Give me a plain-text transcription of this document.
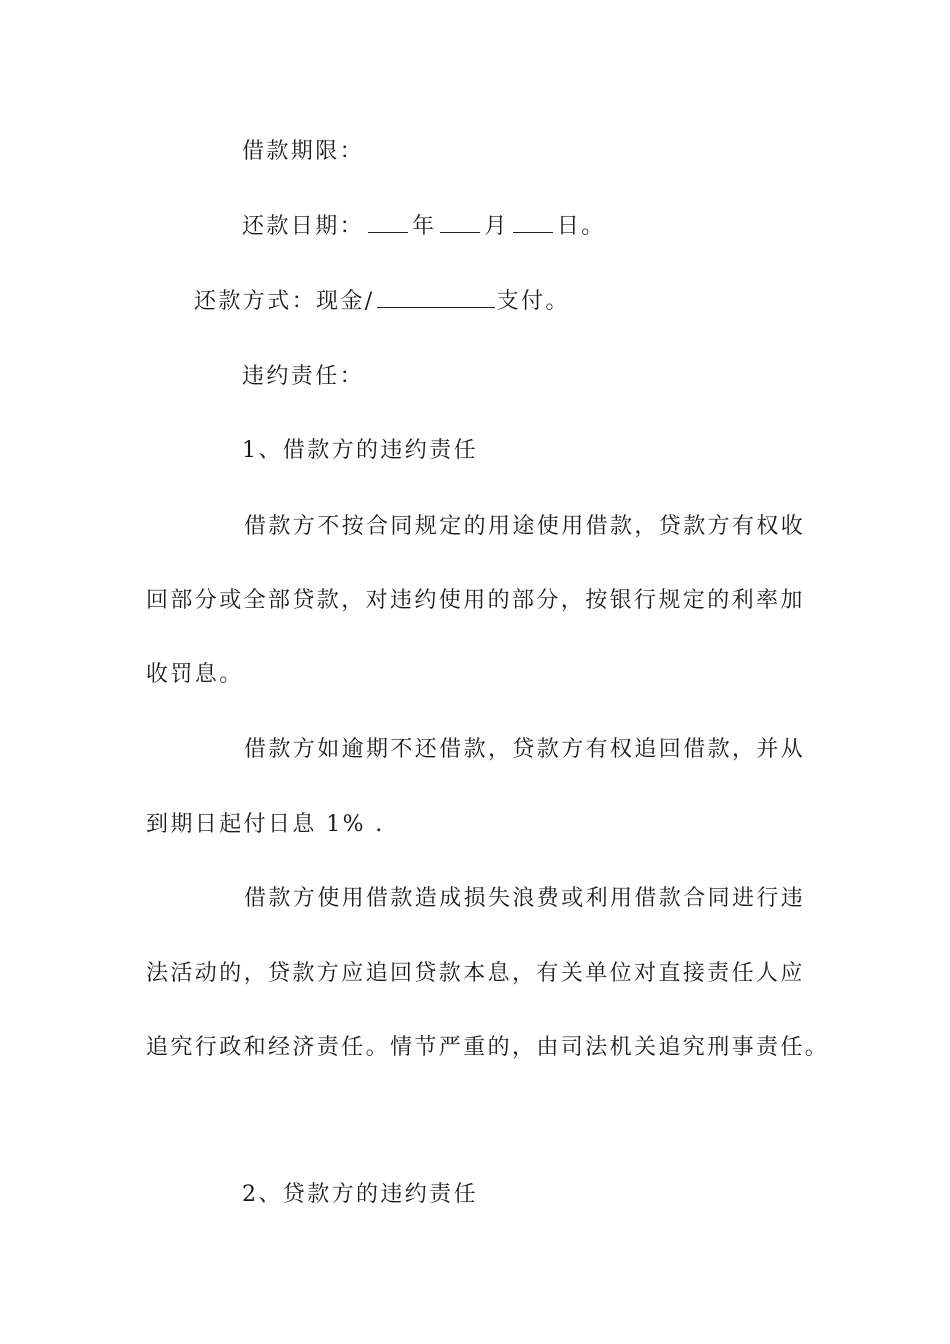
借款期限：
还款日期： 年 月 日。
还款方式：现金/	支付。
违约责任：
1、借款方的违约责任
借款方不按合同规定的用途使用借款，贷款方有权收
回部分或全部贷款，对违约使用的部分，按银行规定的利率加
收罚息。
借款方如逾期不还借款，贷款方有权追回借款，并从
到期日起付日息 1% .
借款方使用借款造成损失浪费或利用借款合同进行违
法活动的，贷款方应追回贷款本息，有关单位对直接责任人应
追究行政和经济责任。情节严重的，由司法机关追究刑事责任。
2、贷款方的违约责任
